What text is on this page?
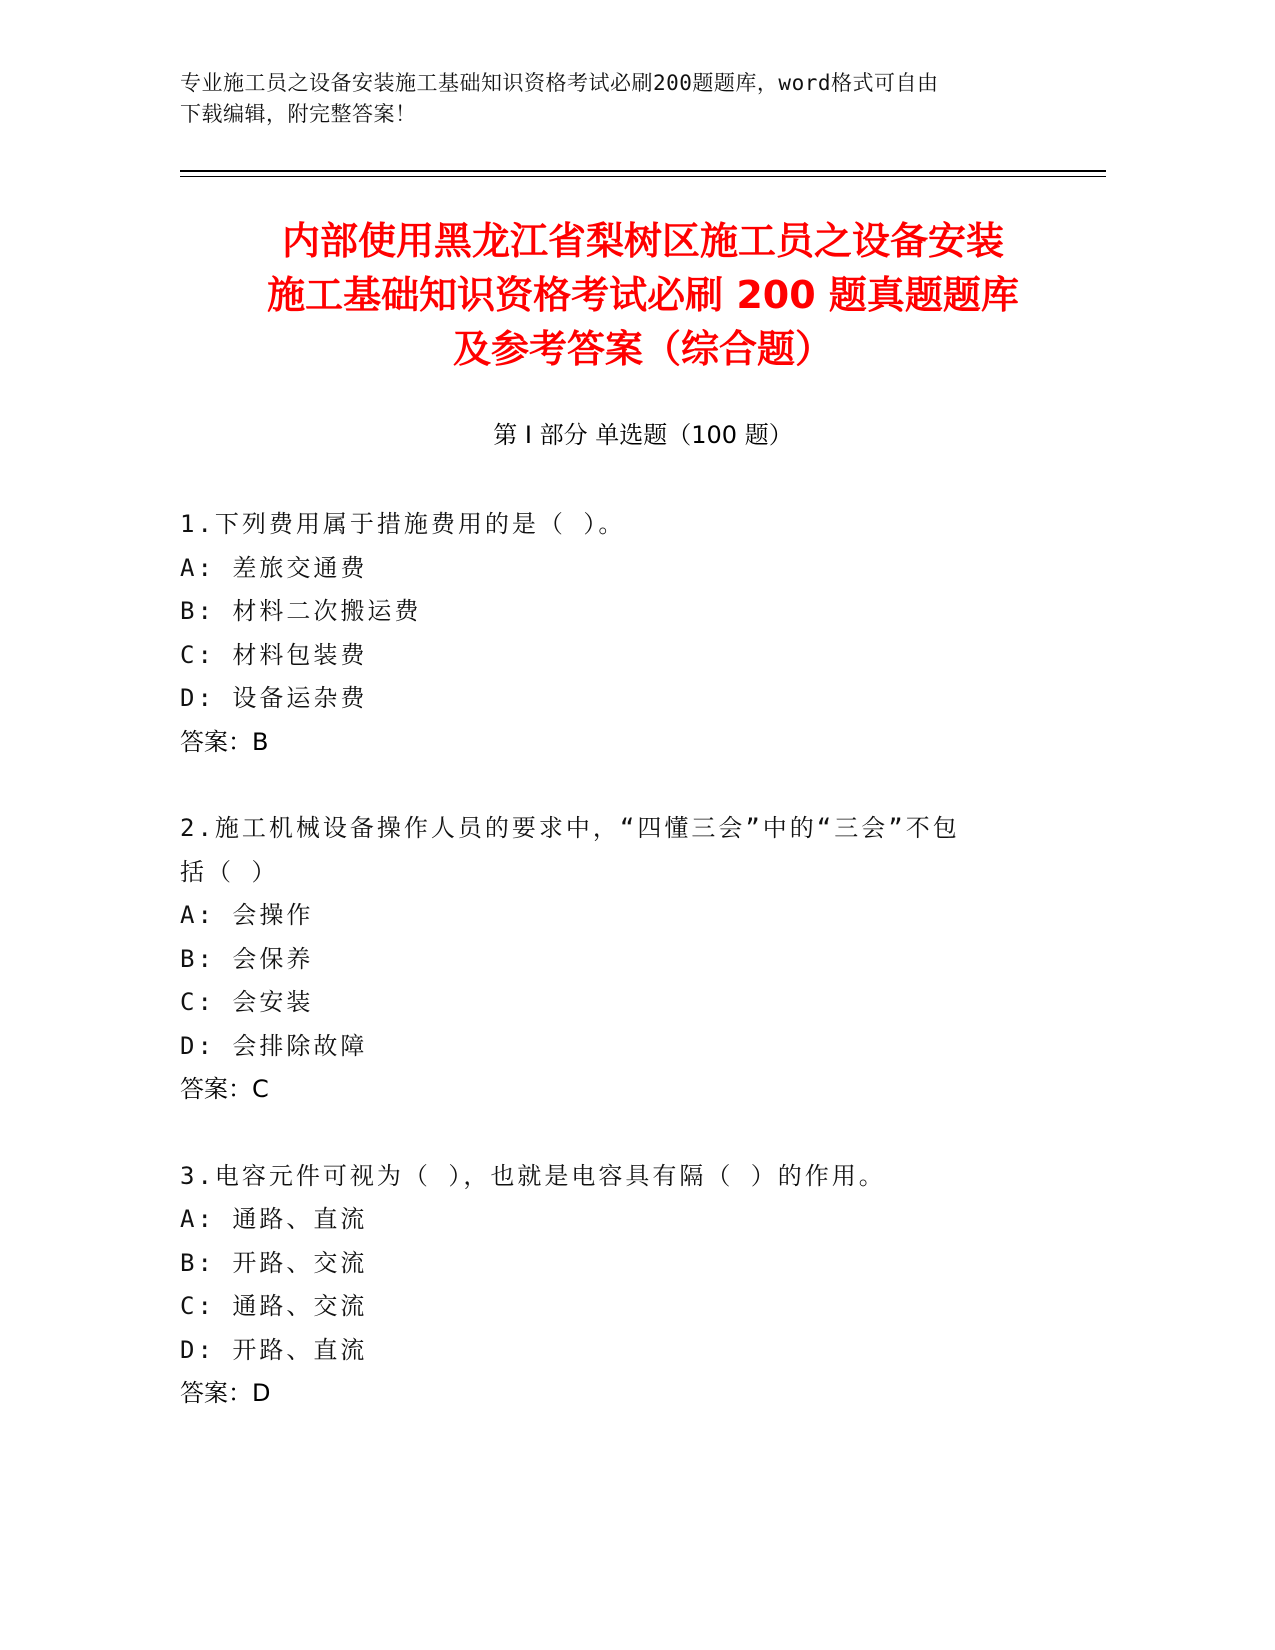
专业施工员之设备安装施工基础知识资格考试必刷200题题库，word格式可自由
下载编辑，附完整答案！
内部使用黑龙江省梨树区施工员之设备安装
施工基础知识资格考试必刷 200 题真题题库
及参考答案（综合题）
第 I 部分 单选题（100 题）
1.下列费用属于措施费用的是（ ）。
A: 差旅交通费
B: 材料二次搬运费
C: 材料包装费
D: 设备运杂费
答案：B
2.施工机械设备操作人员的要求中，“四懂三会”中的“三会”不包
括（ ）
A: 会操作
B: 会保养
C: 会安装
D: 会排除故障
答案：C
3.电容元件可视为（ ），也就是电容具有隔（ ）的作用。
A: 通路、直流
B: 开路、交流
C: 通路、交流
D: 开路、直流
答案：D
